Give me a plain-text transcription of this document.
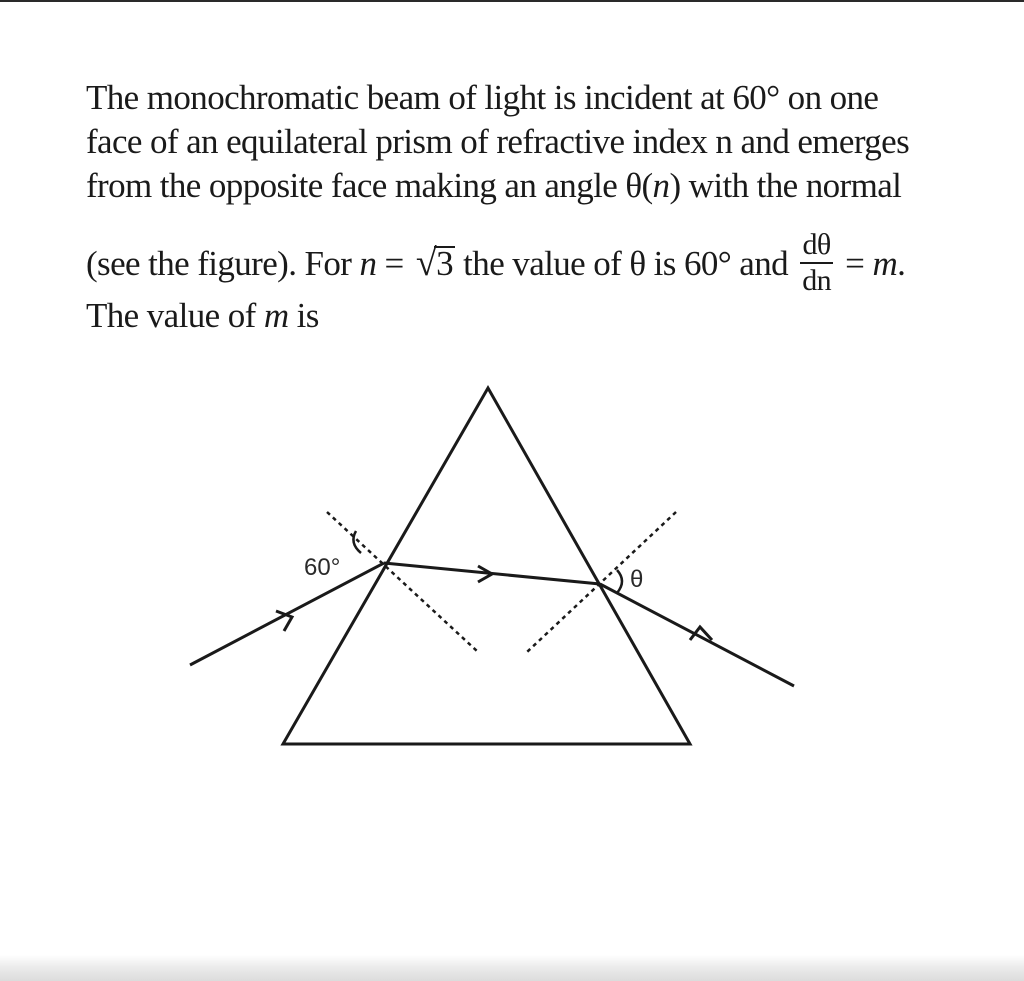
The monochromatic beam of light is incident at 60° on one
face of an equilateral prism of refractive index n and emerges
from the opposite face making an angle θ(n) with the normal
(see the figure). For n = √3 the value of θ is 60° and $\frac{d\theta}{dn} = m$.
The value of m is
60°	θ
